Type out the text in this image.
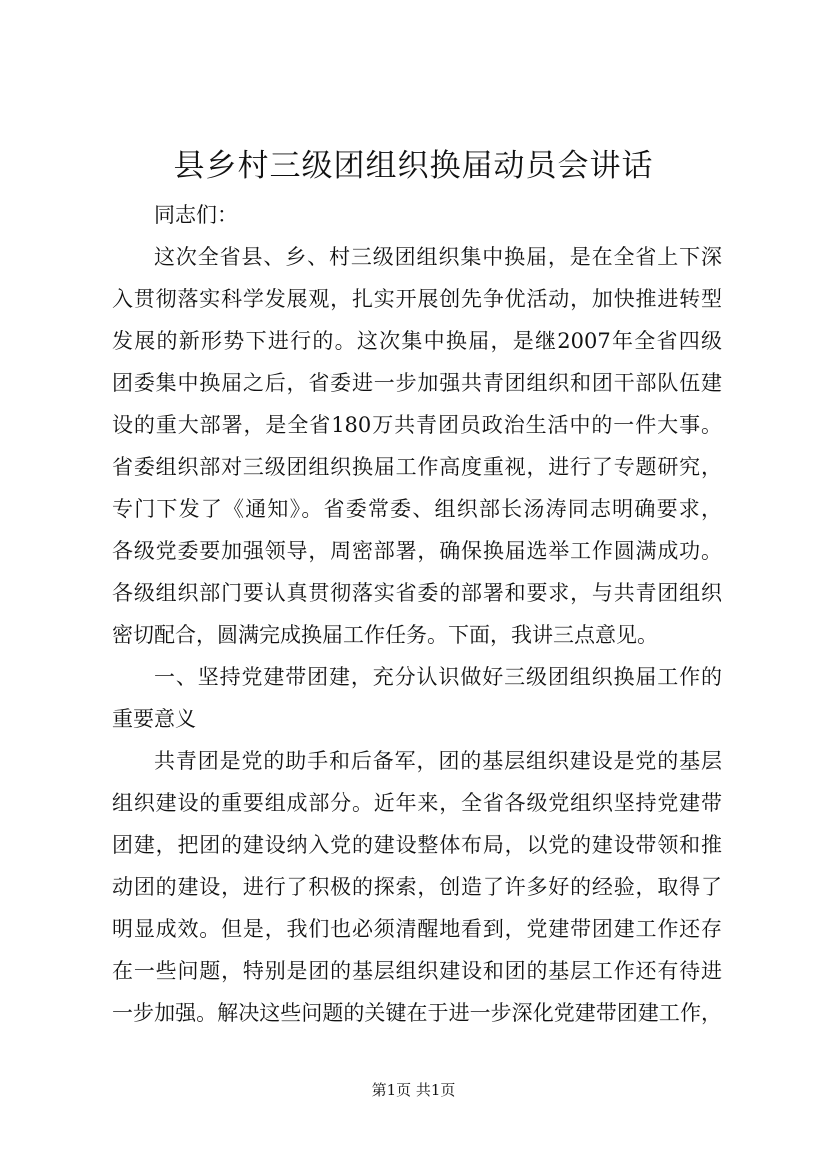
县乡村三级团组织换届动员会讲话
同志们：
这次全省县、乡、村三级团组织集中换届，是在全省上下深
入贯彻落实科学发展观，扎实开展创先争优活动，加快推进转型
发展的新形势下进行的。这次集中换届，是继2007年全省四级
团委集中换届之后，省委进一步加强共青团组织和团干部队伍建
设的重大部署，是全省180万共青团员政治生活中的一件大事。
省委组织部对三级团组织换届工作高度重视，进行了专题研究，
专门下发了《通知》。省委常委、组织部长汤涛同志明确要求，
各级党委要加强领导，周密部署，确保换届选举工作圆满成功。
各级组织部门要认真贯彻落实省委的部署和要求，与共青团组织
密切配合，圆满完成换届工作任务。下面，我讲三点意见。
一、坚持党建带团建，充分认识做好三级团组织换届工作的
重要意义
共青团是党的助手和后备军，团的基层组织建设是党的基层
组织建设的重要组成部分。近年来，全省各级党组织坚持党建带
团建，把团的建设纳入党的建设整体布局，以党的建设带领和推
动团的建设，进行了积极的探索，创造了许多好的经验，取得了
明显成效。但是，我们也必须清醒地看到，党建带团建工作还存
在一些问题，特别是团的基层组织建设和团的基层工作还有待进
一步加强。解决这些问题的关键在于进一步深化党建带团建工作，
第1页 共1页
